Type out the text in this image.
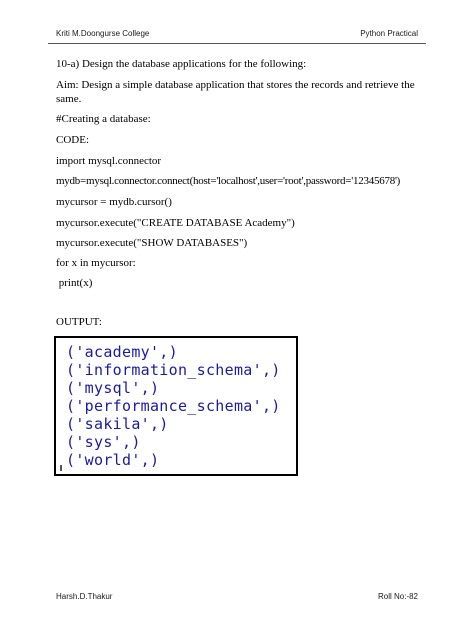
Kriti M.Doongurse College	Python Practical
10-a) Design the database applications for the following:
Aim: Design a simple database application that stores the records and retrieve the same.
#Creating a database:
CODE:
import mysql.connector
mydb=mysql.connector.connect(host='localhost',user='root',password='12345678')
mycursor = mydb.cursor()
mycursor.execute("CREATE DATABASE Academy")
mycursor.execute("SHOW DATABASES")
for x in mycursor:
print(x)
OUTPUT:
('academy',)
('information_schema',)
('mysql',)
('performance_schema',)
('sakila',)
('sys',)
('world',)
Harsh.D.Thakur	Roll No:-82
